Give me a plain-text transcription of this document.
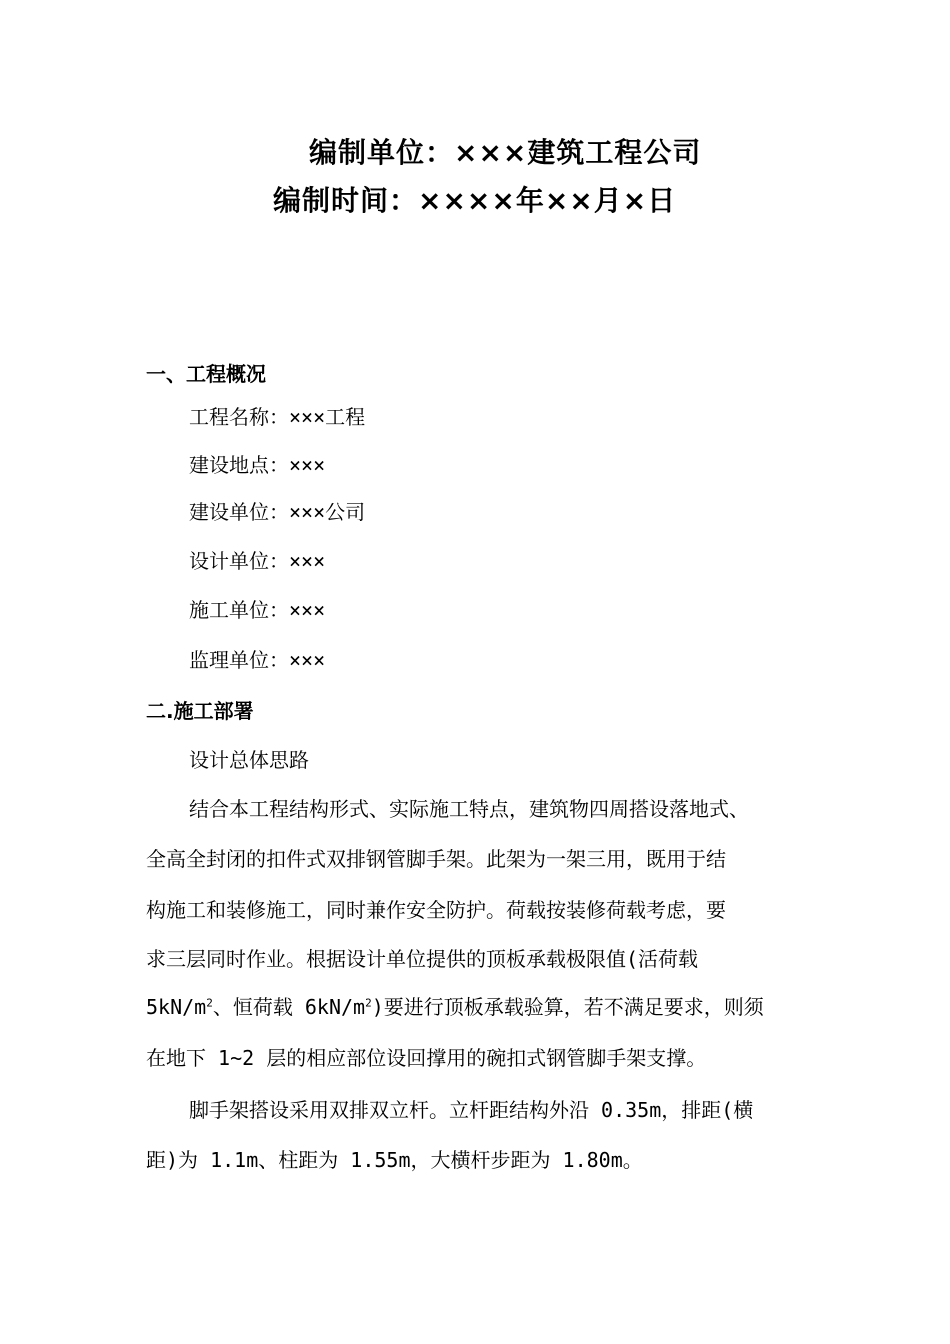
编制单位：×××建筑工程公司
编制时间：××××年××月×日
一、工程概况
工程名称：×××工程
建设地点：×××
建设单位：×××公司
设计单位：×××
施工单位：×××
监理单位：×××
二.施工部署
设计总体思路
结合本工程结构形式、实际施工特点，建筑物四周搭设落地式、
全高全封闭的扣件式双排钢管脚手架。此架为一架三用，既用于结
构施工和装修施工，同时兼作安全防护。荷载按装修荷载考虑，要
求三层同时作业。根据设计单位提供的顶板承载极限值(活荷载
$5kN/m^2$、恒荷载 $6kN/m^2$)要进行顶板承载验算，若不满足要求，则须
在地下 1~2 层的相应部位设回撑用的碗扣式钢管脚手架支撑。
脚手架搭设采用双排双立杆。立杆距结构外沿 0.35m，排距(横
距)为 1.1m、柱距为 1.55m，大横杆步距为 1.80m。
